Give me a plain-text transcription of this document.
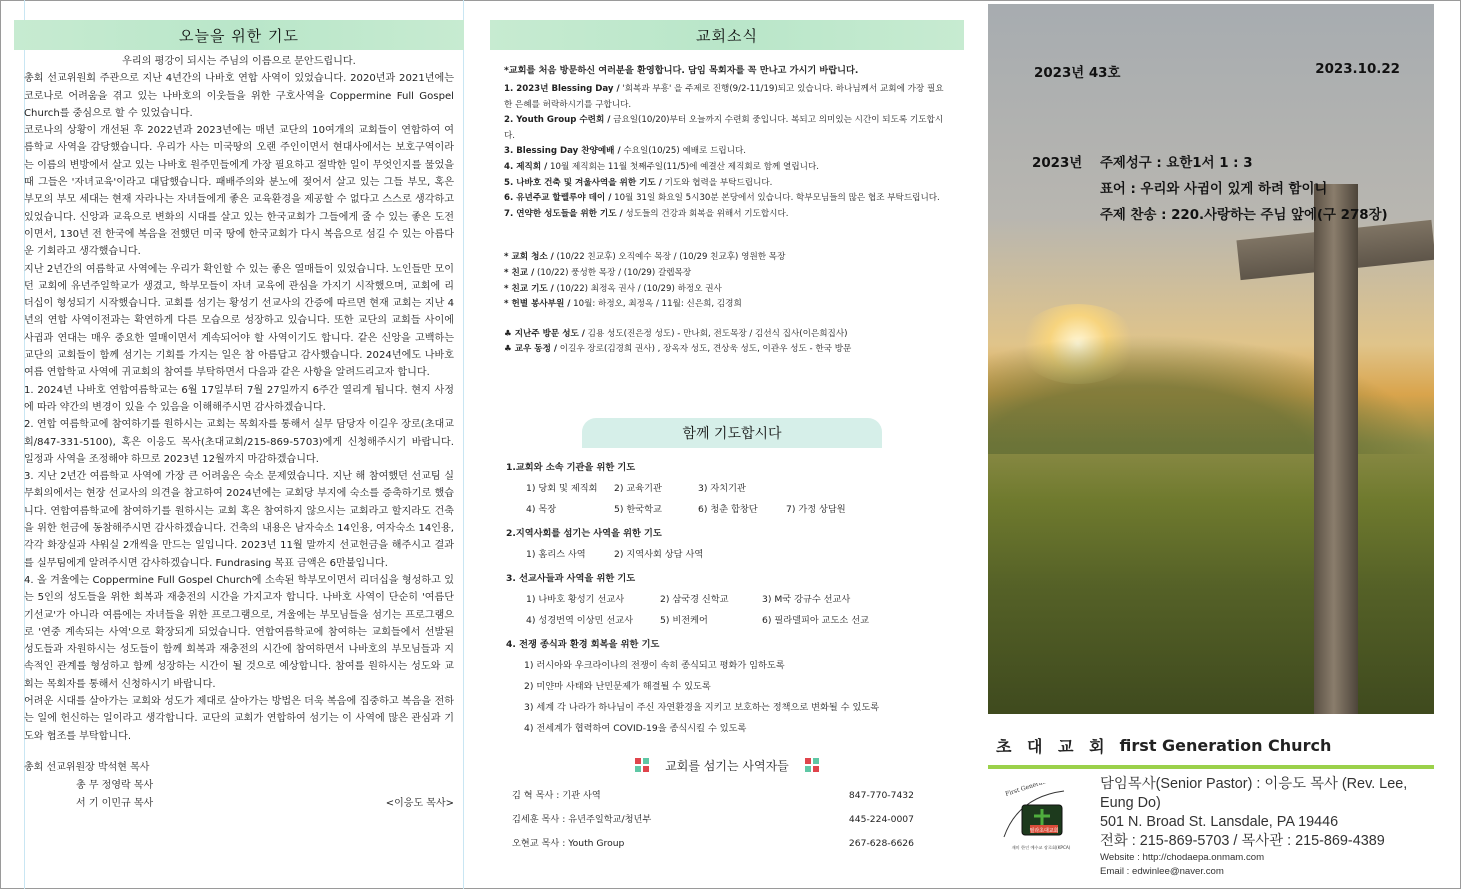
오늘을 위한 기도

우리의 평강이 되시는 주님의 이름으로 문안드립니다.

총회 선교위원회 주관으로 지난 4년간의 나바호 연합 사역이 있었습니다. 2020년과 2021년에는 코로나로 어려움을 겪고 있는 나바호의 이웃들을 위한 구호사역을 Coppermine Full Gospel Church를 중심으로 할 수 있었습니다.

코로나의 상황이 개선된 후 2022년과 2023년에는 매년 교단의 10여개의 교회들이 연합하여 여름학교 사역을 감당했습니다. 우리가 사는 미국땅의 오랜 주인이면서 현대사에서는 보호구역이라는 이름의 변방에서 살고 있는 나바호 원주민들에게 가장 필요하고 절박한 일이 무엇인지를 물었을 때 그들은 '자녀교육'이라고 대답했습니다. 패배주의와 분노에 젖어서 살고 있는 그들 부모, 혹은 부모의 부모 세대는 현재 자라나는 자녀들에게 좋은 교육환경을 제공할 수 없다고 스스로 생각하고 있었습니다. 신앙과 교육으로 변화의 시대를 살고 있는 한국교회가 그들에게 줄 수 있는 좋은 도전이면서, 130년 전 한국에 복음을 전했던 미국 땅에 한국교회가 다시 복음으로 섬길 수 있는 아름다운 기회라고 생각했습니다.

지난 2년간의 여름학교 사역에는 우리가 확인할 수 있는 좋은 열매들이 있었습니다. 노인들만 모이던 교회에 유년주일학교가 생겼고, 학부모들이 자녀 교육에 관심을 가지기 시작했으며, 교회에 리더십이 형성되기 시작했습니다. 교회를 섬기는 황성기 선교사의 간증에 따르면 현재 교회는 지난 4년의 연합 사역이전과는 확연하게 다른 모습으로 성장하고 있습니다. 또한 교단의 교회들 사이에 사귐과 연대는 매우 중요한 열매이면서 계속되어야 할 사역이기도 합니다. 같은 신앙을 고백하는 교단의 교회들이 함께 섬기는 기회를 가지는 일은 참 아름답고 감사했습니다. 2024년에도 나바호 여름 연합학교 사역에 귀교회의 참여를 부탁하면서 다음과 같은 사항을 알려드리고자 합니다.

1. 2024년 나바호 연합여름학교는 6월 17일부터 7월 27일까지 6주간 열리게 됩니다. 현지 사정에 따라 약간의 변경이 있을 수 있음을 이해해주시면 감사하겠습니다.

2. 연합 여름학교에 참여하기를 원하시는 교회는 목회자를 통해서 실무 담당자 이길우 장로(초대교회/847-331-5100), 혹은 이응도 목사(초대교회/215-869-5703)에게 신청해주시기 바랍니다. 일정과 사역을 조정해야 하므로 2023년 12월까지 마감하겠습니다.

3. 지난 2년간 여름학교 사역에 가장 큰 어려움은 숙소 문제였습니다. 지난 해 참여했던 선교팀 실무회의에서는 현장 선교사의 의견을 참고하여 2024년에는 교회당 부지에 숙소를 증축하기로 했습니다. 연합여름학교에 참여하기를 원하시는 교회 혹은 참여하지 않으시는 교회라고 할지라도 건축을 위한 헌금에 동참해주시면 감사하겠습니다. 건축의 내용은 남자숙소 14인용, 여자숙소 14인용, 각각 화장실과 샤워실 2개씩을 만드는 일입니다. 2023년 11월 말까지 선교헌금을 해주시고 결과를 실무팀에게 알려주시면 감사하겠습니다. Fundrasing 목표 금액은 6만불입니다.

4. 올 겨울에는 Coppermine Full Gospel Church에 소속된 학부모이면서 리더십을 형성하고 있는 5인의 성도들을 위한 회복과 재충전의 시간을 가지고자 합니다. 나바호 사역이 단순히 '여름단기선교'가 아니라 여름에는 자녀들을 위한 프로그램으로, 겨울에는 부모님들을 섬기는 프로그램으로 '연중 계속되는 사역'으로 확장되게 되었습니다. 연합여름학교에 참여하는 교회들에서 선발된 성도들과 자원하시는 성도들이 함께 회복과 재충전의 시간에 참여하면서 나바호의 부모님들과 지속적인 관계를 형성하고 함께 성장하는 시간이 될 것으로 예상합니다. 참여를 원하시는 성도와 교회는 목회자를 통해서 신청하시기 바랍니다.

어려운 시대를 살아가는 교회와 성도가 제대로 살아가는 방법은 더욱 복음에 집중하고 복음을 전하는 일에 헌신하는 일이라고 생각합니다. 교단의 교회가 연합하여 섬기는 이 사역에 많은 관심과 기도와 협조를 부탁합니다.

총회 선교위원장 박석현 목사
총 무 정영락 목사
서 기 이민규 목사	<이응도 목사>
교회소식
*교회를 처음 방문하신 여러분을 환영합니다. 담임 목회자를 꼭 만나고 가시기 바랍니다.
1. 2023년 Blessing Day / '회복과 부흥' 을 주제로 진행(9/2-11/19)되고 있습니다. 하나님께서 교회에 가장 필요한 은혜를 허락하시기를 구합니다.
2. Youth Group 수련회 / 금요일(10/20)부터 오늘까지 수련회 중입니다. 복되고 의미있는 시간이 되도록 기도합시다.
3. Blessing Day 찬양예배 / 수요일(10/25) 예배로 드립니다.
4. 제직회 / 10월 제직회는 11월 첫째주일(11/5)에 예결산 제직회로 함께 열립니다.
5. 나바호 건축 및 겨울사역을 위한 기도 / 기도와 협력을 부탁드립니다.
6. 유년주교 할렐루야 데이 / 10월 31일 화요일 5시30분 본당에서 있습니다. 학부모님들의 많은 협조 부탁드립니다.
7. 연약한 성도들을 위한 기도 / 성도들의 건강과 회복을 위해서 기도합시다.
* 교회 청소 / (10/22 친교후) 오직예수 목장 / (10/29 친교후) 영원한 목장
* 친교 / (10/22) 풍성한 목장 / (10/29) 갈렙목장
* 친교 기도 / (10/22) 최정옥 권사 / (10/29) 하정오 권사
* 헌별 봉사부원 / 10월: 하정오, 최정옥 / 11월: 신은희, 김경희
♣ 지난주 방문 성도 / 김용 성도(진은정 성도) - 만나회, 전도목장 / 김선식 집사(이은희집사)
♣ 교우 동정 / 이길우 장로(김경희 권사) , 장옥자 성도, 견상욱 성도, 이관우 성도 - 한국 방문
함께 기도합시다
1.교회와 소속 기관을 위한 기도
1) 당회 및 제직회	2) 교육기관	3) 자치기관
4) 목장	5) 한국학교	6) 청춘 합창단	7) 가정 상담원
2.지역사회를 섬기는 사역을 위한 기도
1) 홈리스 사역	2) 지역사회 상담 사역
3. 선교사들과 사역을 위한 기도
1) 나바호 황성기 선교사	2) 삼국경 신학교	3) M국 강규수 선교사
4) 성경번역 이상민 선교사	5) 비전케어	6) 필라델피아 교도소 선교
4. 전쟁 종식과 환경 회복을 위한 기도
1) 러시아와 우크라이나의 전쟁이 속히 종식되고 평화가 임하도록
2) 미얀마 사태와 난민문제가 해결될 수 있도록
3) 세계 각 나라가 하나님이 주신 자연환경을 지키고 보호하는 정책으로 변화될 수 있도록
4) 전세계가 협력하여 COVID-19을 종식시킬 수 있도록
교회를 섬기는 사역자들
김 혁 목사 : 기관 사역	847-770-7432
김세훈 목사 : 유년주일학교/청년부	445-224-0007
오현교 목사 : Youth Group	267-628-6626
2023년 43호	2023.10.22
2023년 주제성구 : 요한1서 1 : 3
표어 : 우리와 사귐이 있게 하려 함이니
주제 찬송 : 220.사랑하는 주님 앞에(구 278장)
초 대 교 회 first Generation Church
필라초대교회
First Generation Church
재미 한인 예수교 장로회(KPCA)
담임목사(Senior Pastor) : 이응도 목사 (Rev. Lee, Eung Do)
501 N. Broad St. Lansdale, PA 19446
전화 : 215-869-5703 / 목사관 : 215-869-4389
Website : http://chodaepa.onmam.com
Email : edwinlee@naver.com
